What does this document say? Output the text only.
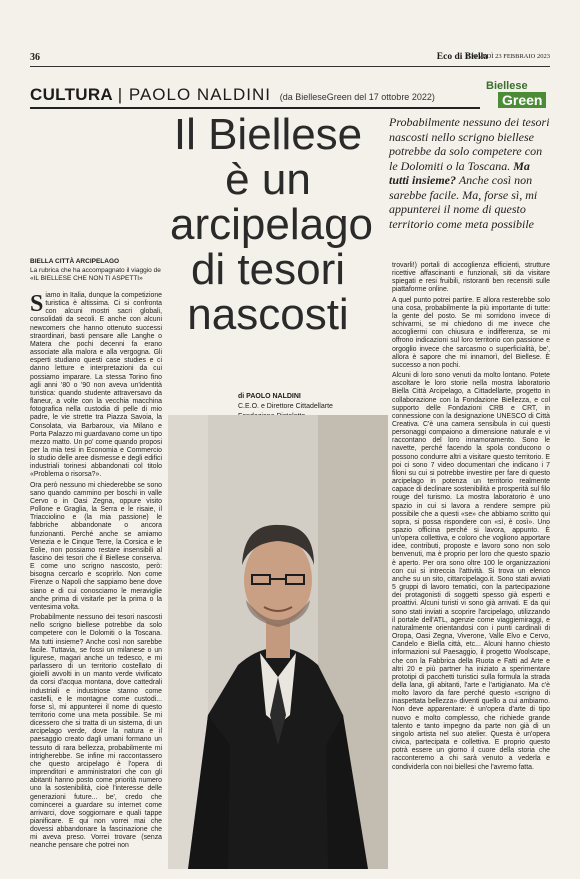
36	Eco di Biella
GIOVEDÌ 23 FEBBRAIO 2023
CULTURA | PAOLO NALDINI (da BielleseGreen del 17 ottobre 2022)
Biellese
Green
Il Biellese è un arcipelago di tesori nascosti
Probabilmente nessuno dei tesori nascosti nello scrigno biellese potrebbe da solo competere con le Dolomiti o la Toscana. Ma tutti insieme? Anche così non sarebbe facile. Ma, forse sì, mi appunterei il nome di questo territorio come meta possibile
BIELLA CITTÀ ARCIPELAGO
La rubrica che ha accompagnato il viaggio de «IL BIELLESE CHE NON TI ASPETTI»
di PAOLO NALDINI
C.E.O. e Direttore Cittadellarte

Siamo in Italia, dunque la competizione turistica è altissima. Ci si confronta con alcuni mostri sacri globali, consolidati da secoli. E anche con alcuni newcomers che hanno ottenuto successi straordinari, basti pensare alle Langhe o Matera che pochi decenni fa erano associate alla malora e alla vergogna. Gli esperti studiano questi case studies e ci danno letture e interpretazioni da cui possiamo imparare. La stessa Torino fino agli anni '80 o '90 non aveva un'identità turistica: quando studente attraversavo da flaneur, a volte con la vecchia macchina fotografica nella custodia di pelle di mio padre, le vie strette tra Piazza Savoia, la Consolata, via Barbaroux, via Milano e Porta Palazzo mi guardavano come un tipo mezzo matto. Un po' come quando proposi per la mia tesi in Economia e Commercio lo studio delle aree dismesse e degli edifici industriali torinesi abbandonati col titolo «Problema o risorsa?».

Ora però nessuno mi chiederebbe se sono sano quando cammino per boschi in valle Cervo o in Oasi Zegna, oppure visito Pollone e Graglia, la Serra e le risaie, il Triacciolino e (la mia passione) le fabbriche abbandonate o ancora funzionanti. Perché anche se amiamo Venezia e le Cinque Terre, la Corsica e le Eolie, non possiamo restare insensibili al fascino dei tesori che il Biellese conserva. E come uno scrigno nascosto, però: bisogna cercarlo e scoprirlo. Non come Firenze o Napoli che sappiamo bene dove siano e di cui conosciamo le meraviglie anche prima di visitarle per la prima o la ventesima volta.

Probabilmente nessuno dei tesori nascosti nello scrigno biellese potrebbe da solo competere con le Dolomiti o la Toscana. Ma tutti insieme? Anche così non sarebbe facile. Tuttavia, se fossi un milanese o un ligurese, magari anche un tedesco, e mi parlassero di un territorio costellato di gioielli avvolti in un manto verde vivificato da corsi d'acqua montana, dove cattedrali industriali e industriose stanno come castelli, e le montagne come custodi... forse sì, mi appunterei il nome di questo territorio come una meta possibile. Se mi dicessero che si tratta di un sistema, di un arcipelago verde, dove la natura e il paesaggio creato dagli umani formano un tessuto di rara bellezza, probabilmente mi intrigherebbe. Se infine mi raccontassero che questo arcipelago è l'opera di imprenditori e amministratori che con gli abitanti hanno posto come priorità numero uno la sostenibilità, cioè l'interesse delle generazioni future... be', credo che comincerei a guardare su internet come arrivarci, dove soggiornare e quali tappe pianificare. E qui non vorrei mai che dovessi abbandonare la fascinazione che mi aveva preso. Vorrei trovare (senza neanche pensare che potrei non

trovarli!) portali di accoglienza efficienti, strutture ricettive affascinanti e funzionali, siti da visitare spiegati e resi fruibili, ristoranti ben recensiti sulle piattaforme online.

A quel punto potrei partire. E allora resterebbe solo una cosa, probabilmente la più importante di tutte: la gente del posto. Se mi sorridono invece di schivarmi, se mi chiedono di me invece che accogliermi con chiusura e indifferenza, se mi offrono indicazioni sul loro territorio con passione e orgoglio invece che sarcasmo o superficialità, be', allora è sapore che mi innamorì, del Biellese. È successo a non pochi.

Alcuni di loro sono venuti da molto lontano. Potete ascoltare le loro storie nella mostra laboratorio Biella Città Arcipelago, a Cittadellarte, progetto in collaborazione con la Fondazione Biellezza, e col supporto delle Fondazioni CRB e CRT, in connessione con la designazione UNESCO di Città Creativa. C'è una camera sensibula in cui questi personaggi compaiono a dimensione naturale e vi raccontano del loro innamoramento. Sono le navette, perché facendo la spola conducono o possono condurre altri a visitare questo territorio. E poi ci sono 7 video documentari che indicano i 7 filoni su cui si potrebbe investire per fare di questo arcipelago in potenza un territorio realmente capace di declinare sostenibilità e prosperità sul filo rouge del turismo. La mostra laboratorio è uno spazio in cui si lavora a rendere sempre più possibile che a questi «se» che abbiamo scritto qui sopra, si possa rispondere con «sì, è così». Uno spazio officina perché si lavora, appunto. È un'opera collettiva, e coloro che vogliono apportare idee, contributi, proposte e lavoro sono non solo benvenuti, ma è proprio per loro che questo spazio è aperto. Per ora sono oltre 100 le organizzazioni con cui si intreccia l'attività. Si trova un elenco anche su un sito, cittarcipelago.it. Sono stati avviati 5 gruppi di lavoro tematici, con la partecipazione dei protagonisti di soggetti spesso già esperti e proattivi. Alcuni turisti vi sono già arrivati. E da qui sono stati inviati a scoprire l'arcipelago, utilizzando il portale dell'ATL, agenzie come viaggiemiraggi, e naturalmente orientandosi con i punti cardinali di Oropa, Oasi Zegna, Viverone, Valle Elvo e Cervo, Candelo e Biella città, etc... Alcuni hanno chiesto informazioni sul Paesaggio, il progetto Woolscape, che con la Fabbrica della Ruota e Fatti ad Arte e altri 20 e più partner ha iniziato a sperimentare prototipi di pacchetti turistici sulla formula la strada della lana, gli abitanti, l'arte e l'artigianato. Ma c'è molto lavoro da fare perché questo «scrigno di inaspettata bellezza» diventi quello a cui ambiamo. Non deve apparentare: è un'opera d'arte di tipo nuovo e molto complesso, che richiede grande talento e tanto impegno da parte non già di un singolo artista nel suo atelier. Questa è un'opera civica, partecipata e collettiva. E proprio questo potrà essere un giorno il cuore della storia che racconteremo a chi sarà venuto a vederla e condividerla con noi biellesi che l'avremo fatta.
